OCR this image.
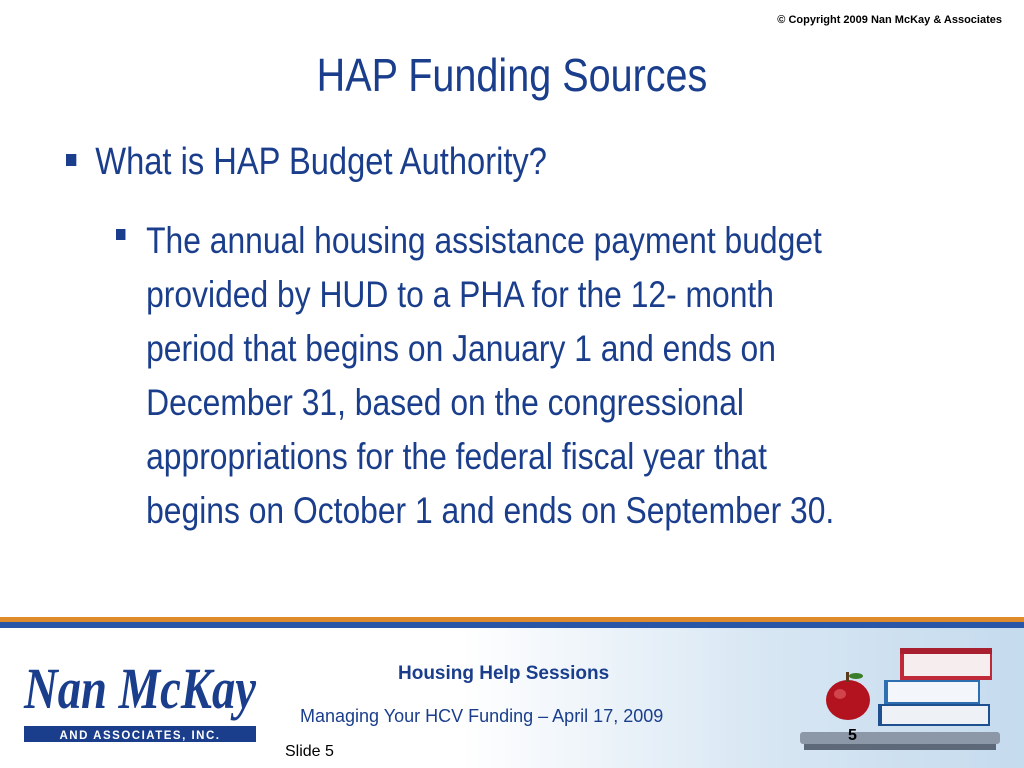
© Copyright 2009 Nan McKay & Associates
HAP Funding Sources
What is HAP Budget Authority?
The annual housing assistance payment budget
provided by HUD to a PHA for the 12- month
period that begins on January 1 and ends on
December 31, based on the congressional
appropriations for the federal fiscal year that
begins on October 1 and ends on September 30.
Nan McKay
AND ASSOCIATES, INC.
Housing Help Sessions
Managing Your HCV Funding – April 17, 2009
Slide 5
5
